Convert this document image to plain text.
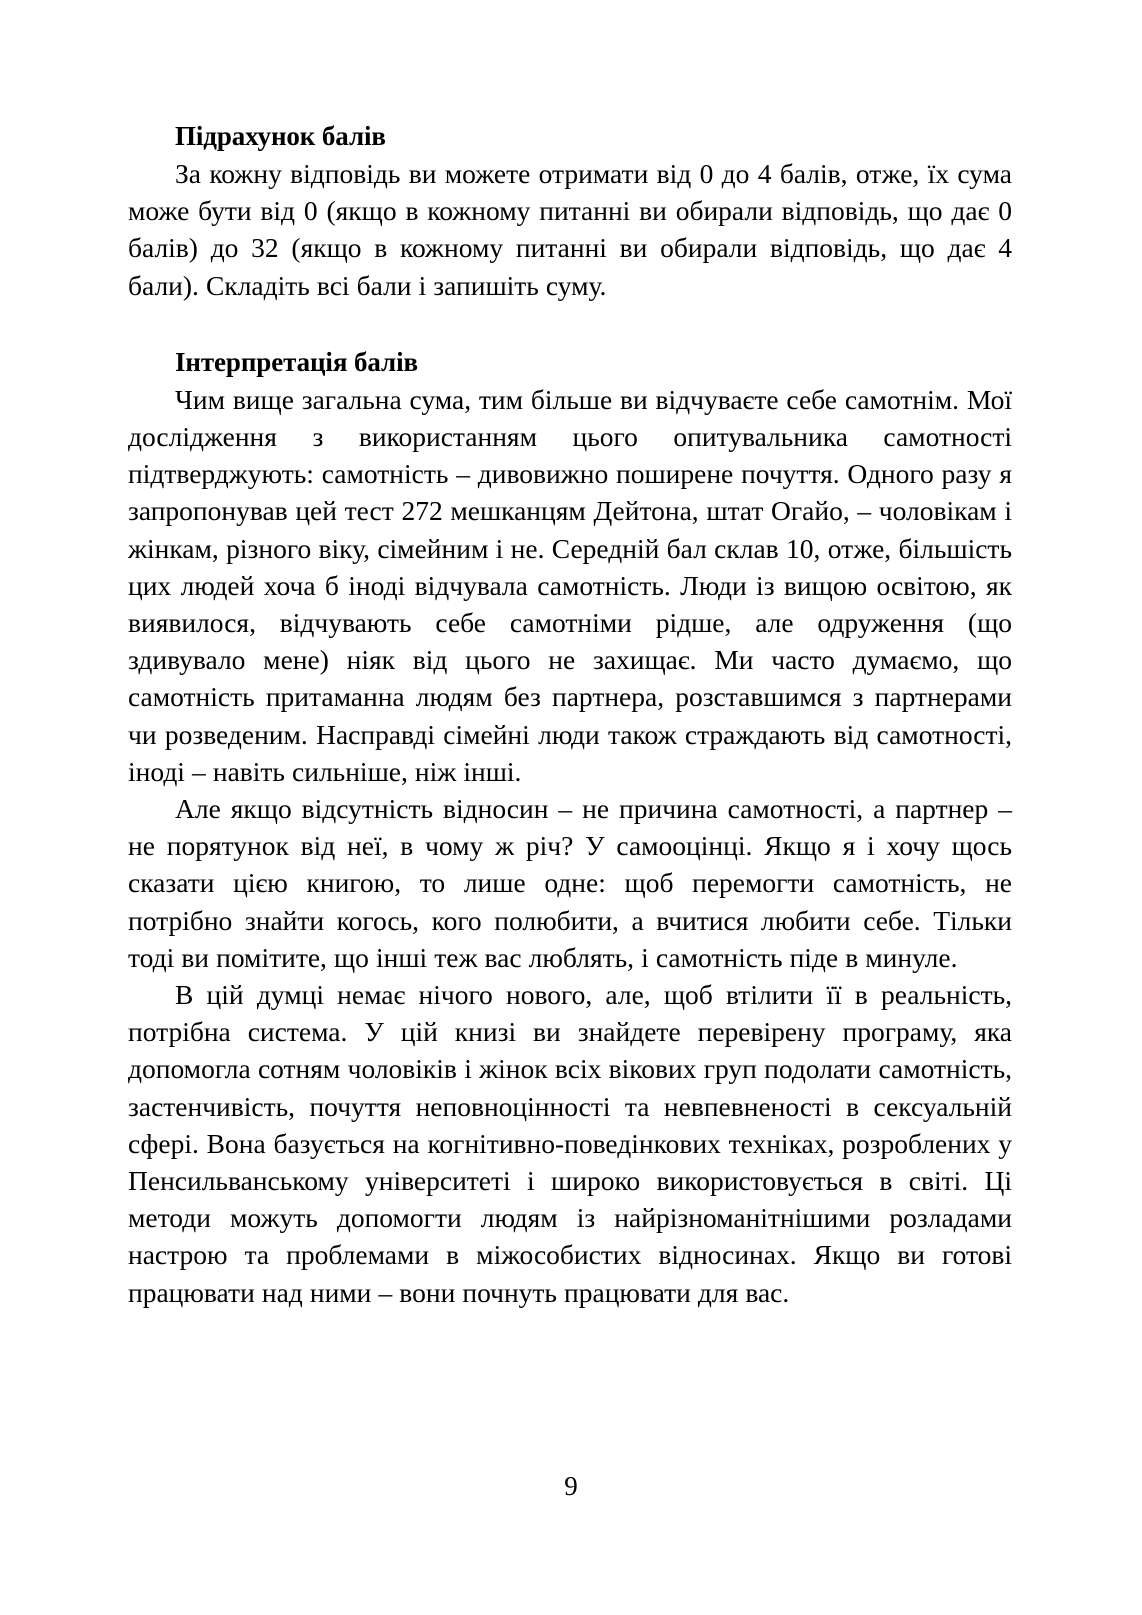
Підрахунок балів

За кожну відповідь ви можете отримати від 0 до 4 балів, отже, їх сума може бути від 0 (якщо в кожному питанні ви обирали відповідь, що дає 0 балів) до 32 (якщо в кожному питанні ви обирали відповідь, що дає 4 бали). Складіть всі бали і запишіть суму.

Інтерпретація балів

Чим вище загальна сума, тим більше ви відчуваєте себе самотнім. Мої дослідження з використанням цього опитувальника самотності підтверджують: самотність – дивовижно поширене почуття. Одного разу я запропонував цей тест 272 мешканцям Дейтона, штат Огайо, – чоловікам і жінкам, різного віку, сімейним і не. Середній бал склав 10, отже, більшість цих людей хоча б іноді відчувала самотність. Люди із вищою освітою, як виявилося, відчувають себе самотніми рідше, але одруження (що здивувало мене) ніяк від цього не захищає. Ми часто думаємо, що самотність притаманна людям без партнера, розставшимся з партнерами чи розведеним. Насправді сімейні люди також страждають від самотності, іноді – навіть сильніше, ніж інші.

Але якщо відсутність відносин – не причина самотності, а партнер – не порятунок від неї, в чому ж річ? У самооцінці. Якщо я і хочу щось сказати цією книгою, то лише одне: щоб перемогти самотність, не потрібно знайти когось, кого полюбити, а вчитися любити себе. Тільки тоді ви помітите, що інші теж вас люблять, і самотність піде в минуле.

В цій думці немає нічого нового, але, щоб втілити її в реальність, потрібна система. У цій книзі ви знайдете перевірену програму, яка допомогла сотням чоловіків і жінок всіх вікових груп подолати самотність, застенчивість, почуття неповноцінності та невпевненості в сексуальній сфері. Вона базується на когнітивно-поведінкових техніках, розроблених у Пенсильванському університеті і широко використовується в світі. Ці методи можуть допомогти людям із найрізноманітнішими розладами настрою та проблемами в міжособистих відносинах. Якщо ви готові працювати над ними – вони почнуть працювати для вас.

9
